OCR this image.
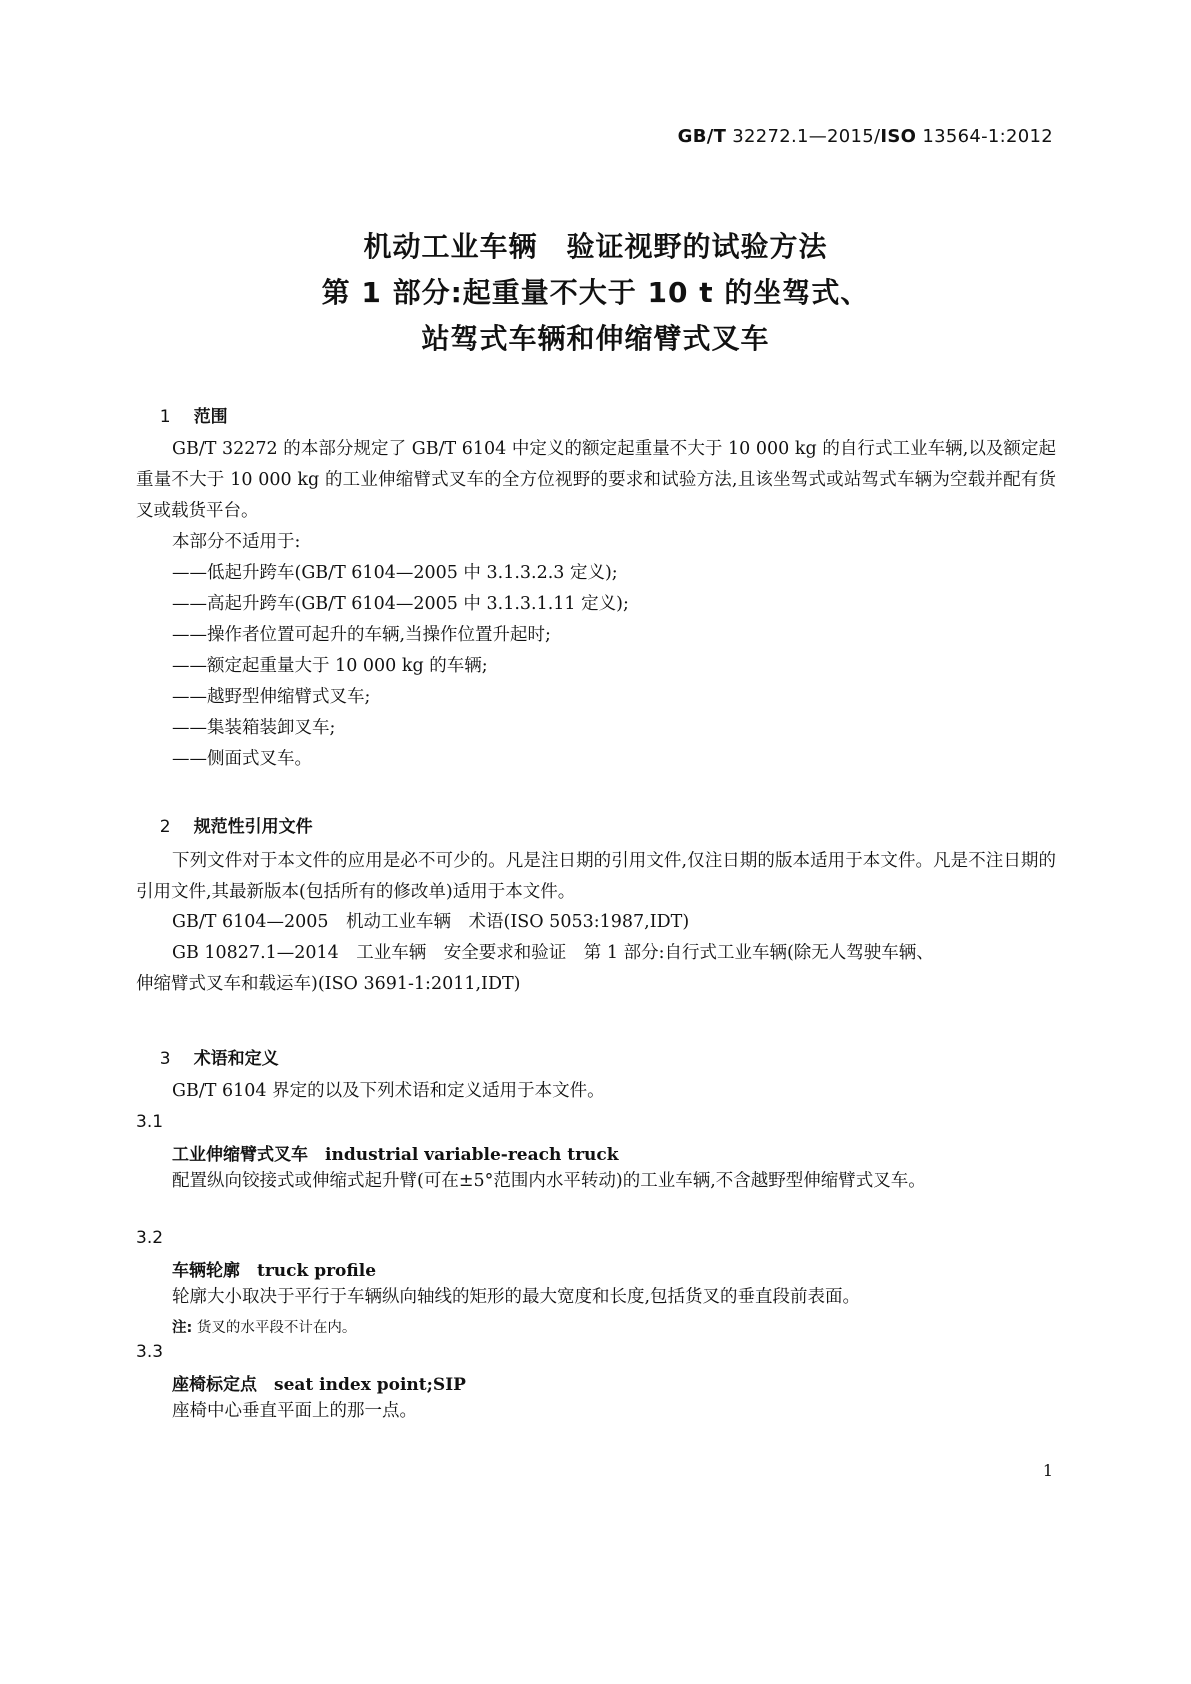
GB/T 32272.1—2015/ISO 13564-1:2012
机动工业车辆　验证视野的试验方法
第 1 部分:起重量不大于 10 t 的坐驾式、
站驾式车辆和伸缩臂式叉车

1 范围

GB/T 32272 的本部分规定了 GB/T 6104 中定义的额定起重量不大于 10 000 kg 的自行式工业车辆,以及额定起重量不大于 10 000 kg 的工业伸缩臂式叉车的全方位视野的要求和试验方法,且该坐驾式或站驾式车辆为空载并配有货叉或载货平台。
本部分不适用于:
——低起升跨车(GB/T 6104—2005 中 3.1.3.2.3 定义);
——高起升跨车(GB/T 6104—2005 中 3.1.3.1.11 定义);
——操作者位置可起升的车辆,当操作位置升起时;
——额定起重量大于 10 000 kg 的车辆;
——越野型伸缩臂式叉车;
——集装箱装卸叉车;
——侧面式叉车。

2 规范性引用文件

下列文件对于本文件的应用是必不可少的。凡是注日期的引用文件,仅注日期的版本适用于本文件。凡是不注日期的引用文件,其最新版本(包括所有的修改单)适用于本文件。
GB/T 6104—2005　机动工业车辆　术语(ISO 5053:1987,IDT)
GB 10827.1—2014　工业车辆　安全要求和验证　第 1 部分:自行式工业车辆(除无人驾驶车辆、
伸缩臂式叉车和载运车)(ISO 3691-1:2011,IDT)

3 术语和定义

GB/T 6104 界定的以及下列术语和定义适用于本文件。
3.1
工业伸缩臂式叉车　 industrial variable-reach truck
配置纵向铰接式或伸缩式起升臂(可在±5°范围内水平转动)的工业车辆,不含越野型伸缩臂式叉车。
3.2
车辆轮廓　 truck profile
轮廓大小取决于平行于车辆纵向轴线的矩形的最大宽度和长度,包括货叉的垂直段前表面。
注: 货叉的水平段不计在内。
3.3
座椅标定点　 seat index point;SIP
座椅中心垂直平面上的那一点。
1
